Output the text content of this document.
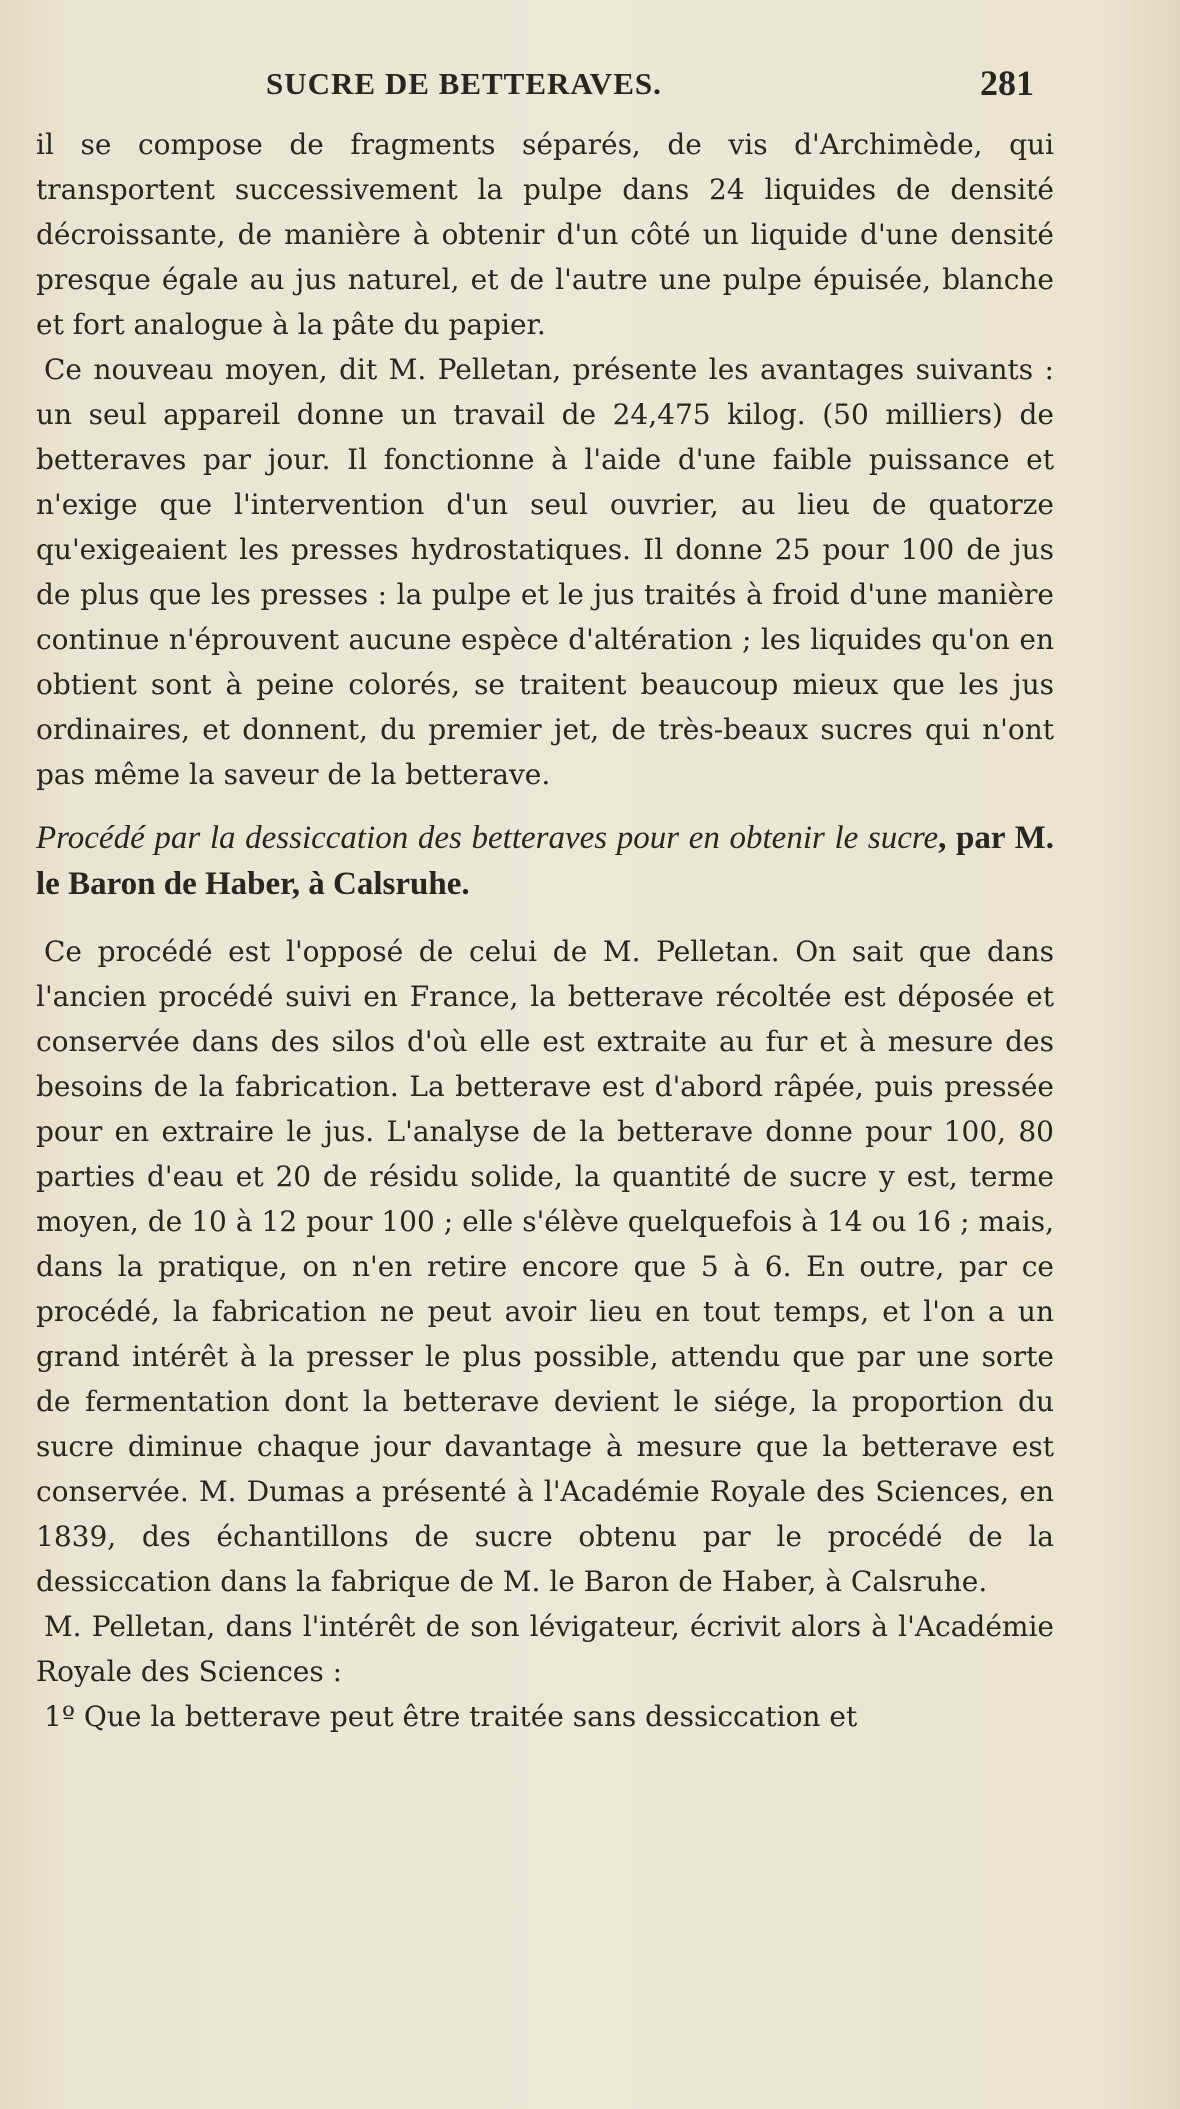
SUCRE DE BETTERAVES.	281

il se compose de fragments séparés, de vis d'Archimède, qui transportent successivement la pulpe dans 24 liquides de densité décroissante, de manière à obtenir d'un côté un liquide d'une densité presque égale au jus naturel, et de l'autre une pulpe épuisée, blanche et fort analogue à la pâte du papier.

Ce nouveau moyen, dit M. Pelletan, présente les avantages suivants : un seul appareil donne un travail de 24,475 kilog. (50 milliers) de betteraves par jour. Il fonctionne à l'aide d'une faible puissance et n'exige que l'intervention d'un seul ouvrier, au lieu de quatorze qu'exigeaient les presses hydrostatiques. Il donne 25 pour 100 de jus de plus que les presses : la pulpe et le jus traités à froid d'une manière continue n'éprouvent aucune espèce d'altération ; les liquides qu'on en obtient sont à peine colorés, se traitent beaucoup mieux que les jus ordinaires, et donnent, du premier jet, de très-beaux sucres qui n'ont pas même la saveur de la betterave.

Procédé par la dessiccation des betteraves pour en obtenir le sucre, par M. le Baron de Haber, à Calsruhe.

Ce procédé est l'opposé de celui de M. Pelletan. On sait que dans l'ancien procédé suivi en France, la betterave récoltée est déposée et conservée dans des silos d'où elle est extraite au fur et à mesure des besoins de la fabrication. La betterave est d'abord râpée, puis pressée pour en extraire le jus. L'analyse de la betterave donne pour 100, 80 parties d'eau et 20 de résidu solide, la quantité de sucre y est, terme moyen, de 10 à 12 pour 100 ; elle s'élève quelquefois à 14 ou 16 ; mais, dans la pratique, on n'en retire encore que 5 à 6. En outre, par ce procédé, la fabrication ne peut avoir lieu en tout temps, et l'on a un grand intérêt à la presser le plus possible, attendu que par une sorte de fermentation dont la betterave devient le siége, la proportion du sucre diminue chaque jour davantage à mesure que la betterave est conservée. M. Dumas a présenté à l'Académie Royale des Sciences, en 1839, des échantillons de sucre obtenu par le procédé de la dessiccation dans la fabrique de M. le Baron de Haber, à Calsruhe.

M. Pelletan, dans l'intérêt de son lévigateur, écrivit alors à l'Académie Royale des Sciences :

1º Que la betterave peut être traitée sans dessiccation et
